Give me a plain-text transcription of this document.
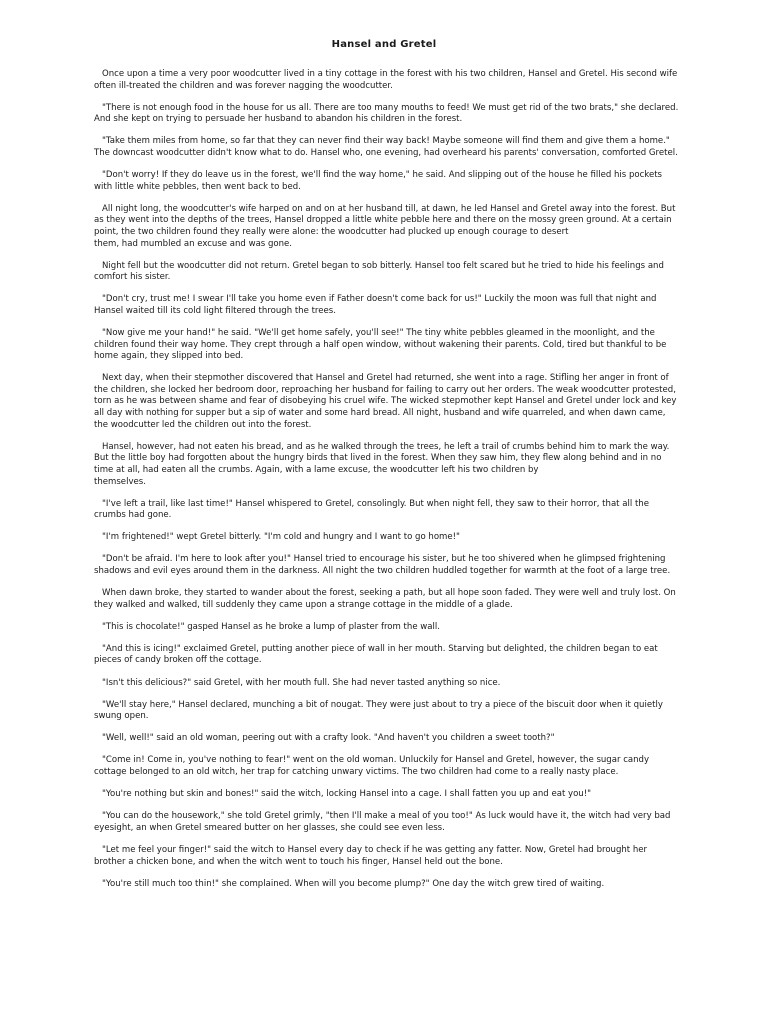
Hansel and Gretel

Once upon a time a very poor woodcutter lived in a tiny cottage in the forest with his two children, Hansel and Gretel. His second wife often ill-treated the children and was forever nagging the woodcutter.

"There is not enough food in the house for us all. There are too many mouths to feed! We must get rid of the two brats," she declared. And she kept on trying to persuade her husband to abandon his children in the forest.

"Take them miles from home, so far that they can never find their way back! Maybe someone will find them and give them a home." The downcast woodcutter didn't know what to do. Hansel who, one evening, had overheard his parents' conversation, comforted Gretel.

"Don't worry! If they do leave us in the forest, we'll find the way home," he said. And slipping out of the house he filled his pockets with little white pebbles, then went back to bed.

All night long, the woodcutter's wife harped on and on at her husband till, at dawn, he led Hansel and Gretel away into the forest. But as they went into the depths of the trees, Hansel dropped a little white pebble here and there on the mossy green ground. At a certain point, the two children found they really were alone: the woodcutter had plucked up enough courage to desert
them, had mumbled an excuse and was gone.

Night fell but the woodcutter did not return. Gretel began to sob bitterly. Hansel too felt scared but he tried to hide his feelings and comfort his sister.

"Don't cry, trust me! I swear I'll take you home even if Father doesn't come back for us!" Luckily the moon was full that night and Hansel waited till its cold light filtered through the trees.

"Now give me your hand!" he said. "We'll get home safely, you'll see!" The tiny white pebbles gleamed in the moonlight, and the children found their way home. They crept through a half open window, without wakening their parents. Cold, tired but thankful to be home again, they slipped into bed.

Next day, when their stepmother discovered that Hansel and Gretel had returned, she went into a rage. Stifling her anger in front of the children, she locked her bedroom door, reproaching her husband for failing to carry out her orders. The weak woodcutter protested, torn as he was between shame and fear of disobeying his cruel wife. The wicked stepmother kept Hansel and Gretel under lock and key all day with nothing for supper but a sip of water and some hard bread. All night, husband and wife quarreled, and when dawn came, the woodcutter led the children out into the forest.

Hansel, however, had not eaten his bread, and as he walked through the trees, he left a trail of crumbs behind him to mark the way. But the little boy had forgotten about the hungry birds that lived in the forest. When they saw him, they flew along behind and in no time at all, had eaten all the crumbs. Again, with a lame excuse, the woodcutter left his two children by
themselves.

"I've left a trail, like last time!" Hansel whispered to Gretel, consolingly. But when night fell, they saw to their horror, that all the crumbs had gone.

"I'm frightened!" wept Gretel bitterly. "I'm cold and hungry and I want to go home!"

"Don't be afraid. I'm here to look after you!" Hansel tried to encourage his sister, but he too shivered when he glimpsed frightening shadows and evil eyes around them in the darkness. All night the two children huddled together for warmth at the foot of a large tree.

When dawn broke, they started to wander about the forest, seeking a path, but all hope soon faded. They were well and truly lost. On they walked and walked, till suddenly they came upon a strange cottage in the middle of a glade.

"This is chocolate!" gasped Hansel as he broke a lump of plaster from the wall.

"And this is icing!" exclaimed Gretel, putting another piece of wall in her mouth. Starving but delighted, the children began to eat pieces of candy broken off the cottage.

"Isn't this delicious?" said Gretel, with her mouth full. She had never tasted anything so nice.

"We'll stay here," Hansel declared, munching a bit of nougat. They were just about to try a piece of the biscuit door when it quietly swung open.

"Well, well!" said an old woman, peering out with a crafty look. "And haven't you children a sweet tooth?"

"Come in! Come in, you've nothing to fear!" went on the old woman. Unluckily for Hansel and Gretel, however, the sugar candy cottage belonged to an old witch, her trap for catching unwary victims. The two children had come to a really nasty place.

"You're nothing but skin and bones!" said the witch, locking Hansel into a cage. I shall fatten you up and eat you!"

"You can do the housework," she told Gretel grimly, "then I'll make a meal of you too!" As luck would have it, the witch had very bad eyesight, an when Gretel smeared butter on her glasses, she could see even less.

"Let me feel your finger!" said the witch to Hansel every day to check if he was getting any fatter. Now, Gretel had brought her brother a chicken bone, and when the witch went to touch his finger, Hansel held out the bone.

"You're still much too thin!" she complained. When will you become plump?" One day the witch grew tired of waiting.
